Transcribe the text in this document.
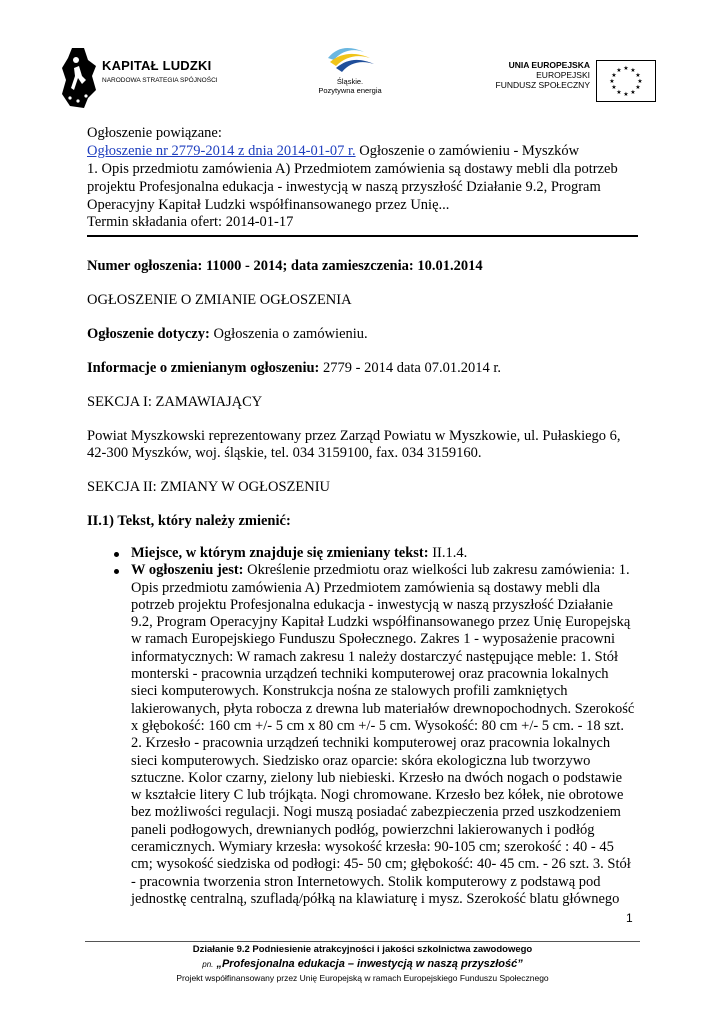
KAPITAŁ LUDZKI
NARODOWA STRATEGIA SPÓJNOŚCI	Śląskie.
Pozytywna energia
UNIA EUROPEJSKA
EUROPEJSKI
FUNDUSZ SPOŁECZNY
★ ★
★
★
★
★
★
★
★
★
★
★
Ogłoszenie powiązane:
Ogłoszenie nr 2779-2014 z dnia 2014-01-07 r. Ogłoszenie o zamówieniu - Myszków
1. Opis przedmiotu zamówienia A) Przedmiotem zamówienia są dostawy mebli dla potrzeb
projektu Profesjonalna edukacja - inwestycją w naszą przyszłość Działanie 9.2, Program
Operacyjny Kapitał Ludzki współfinansowanego przez Unię...
Termin składania ofert: 2014-01-17
Numer ogłoszenia: 11000 - 2014; data zamieszczenia: 10.01.2014
OGŁOSZENIE O ZMIANIE OGŁOSZENIA
Ogłoszenie dotyczy: Ogłoszenia o zamówieniu.
Informacje o zmienianym ogłoszeniu: 2779 - 2014 data 07.01.2014 r.
SEKCJA I: ZAMAWIAJĄCY
Powiat Myszkowski reprezentowany przez Zarząd Powiatu w Myszkowie, ul. Pułaskiego 6,
42-300 Myszków, woj. śląskie, tel. 034 3159100, fax. 034 3159160.
SEKCJA II: ZMIANY W OGŁOSZENIU
II.1) Tekst, który należy zmienić:
Miejsce, w którym znajduje się zmieniany tekst: II.1.4.
W ogłoszeniu jest: Określenie przedmiotu oraz wielkości lub zakresu zamówienia: 1.
Opis przedmiotu zamówienia A) Przedmiotem zamówienia są dostawy mebli dla
potrzeb projektu Profesjonalna edukacja - inwestycją w naszą przyszłość Działanie
9.2, Program Operacyjny Kapitał Ludzki współfinansowanego przez Unię Europejską
w ramach Europejskiego Funduszu Społecznego. Zakres 1 - wyposażenie pracowni
informatycznych: W ramach zakresu 1 należy dostarczyć następujące meble: 1. Stół
monterski - pracownia urządzeń techniki komputerowej oraz pracownia lokalnych
sieci komputerowych. Konstrukcja nośna ze stalowych profili zamkniętych
lakierowanych, płyta robocza z drewna lub materiałów drewnopochodnych. Szerokość
x głębokość: 160 cm +/- 5 cm x 80 cm +/- 5 cm. Wysokość: 80 cm +/- 5 cm. - 18 szt.
2. Krzesło - pracownia urządzeń techniki komputerowej oraz pracownia lokalnych
sieci komputerowych. Siedzisko oraz oparcie: skóra ekologiczna lub tworzywo
sztuczne. Kolor czarny, zielony lub niebieski. Krzesło na dwóch nogach o podstawie
w kształcie litery C lub trójkąta. Nogi chromowane. Krzesło bez kółek, nie obrotowe
bez możliwości regulacji. Nogi muszą posiadać zabezpieczenia przed uszkodzeniem
paneli podłogowych, drewnianych podłóg, powierzchni lakierowanych i podłóg
ceramicznych. Wymiary krzesła: wysokość krzesła: 90-105 cm; szerokość : 40 - 45
cm; wysokość siedziska od podłogi: 45- 50 cm; głębokość: 40- 45 cm. - 26 szt. 3. Stół
- pracownia tworzenia stron Internetowych. Stolik komputerowy z podstawą pod
jednostkę centralną, szufladą/półką na klawiaturę i mysz. Szerokość blatu głównego
1
Działanie 9.2 Podniesienie atrakcyjności i jakości szkolnictwa zawodowego
pn. „Profesjonalna edukacja – inwestycją w naszą przyszłość”
Projekt współfinansowany przez Unię Europejską w ramach Europejskiego Funduszu Społecznego
